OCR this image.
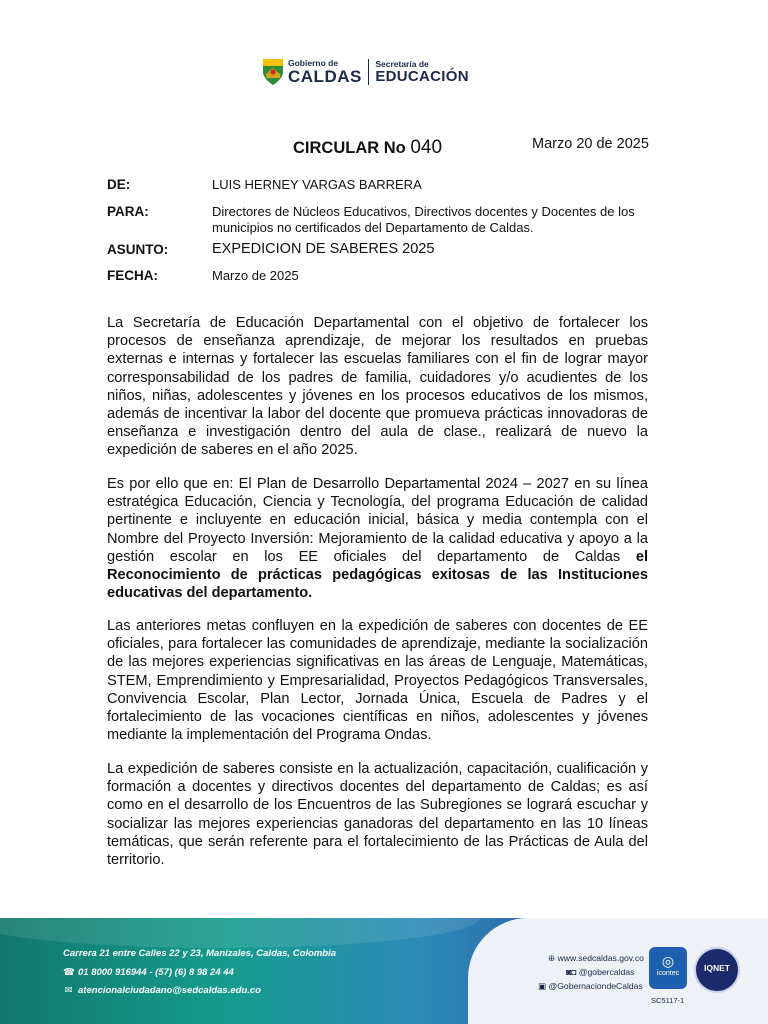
Gobierno de
CALDAS
Secretaría de
EDUCACIÓN
CIRCULAR No 040	Marzo 20 de 2025
DE:	LUIS HERNEY VARGAS BARRERA
PARA:	Directores de Núcleos Educativos, Directivos docentes y Docentes de los municipios no certificados del Departamento de Caldas.
ASUNTO:	EXPEDICION DE SABERES 2025
FECHA:	Marzo de 2025
La Secretaría de Educación Departamental con el objetivo de fortalecer los procesos de enseñanza aprendizaje, de mejorar los resultados en pruebas externas e internas y fortalecer las escuelas familiares con el fin de lograr mayor corresponsabilidad de los padres de familia, cuidadores y/o acudientes de los niños, niñas, adolescentes y jóvenes en los procesos educativos de los mismos, además de incentivar la labor del docente que promueva prácticas innovadoras de enseñanza e investigación dentro del aula de clase., realizará de nuevo la expedición de saberes en el año 2025.
Es por ello que en: El Plan de Desarrollo Departamental 2024 – 2027 en su línea estratégica Educación, Ciencia y Tecnología, del programa Educación de calidad pertinente e incluyente en educación inicial, básica y media contempla con el Nombre del Proyecto Inversión: Mejoramiento de la calidad educativa y apoyo a la gestión escolar en los EE oficiales del departamento de Caldas el Reconocimiento de prácticas pedagógicas exitosas de las Instituciones educativas del departamento.
Las anteriores metas confluyen en la expedición de saberes con docentes de EE oficiales, para fortalecer las comunidades de aprendizaje, mediante la socialización de las mejores experiencias significativas en las áreas de Lenguaje, Matemáticas, STEM, Emprendimiento y Empresarialidad, Proyectos Pedagógicos Transversales, Convivencia Escolar, Plan Lector, Jornada Única, Escuela de Padres y el fortalecimiento de las vocaciones científicas en niños, adolescentes y jóvenes mediante la implementación del Programa Ondas.
La expedición de saberes consiste en la actualización, capacitación, cualificación y formación a docentes y directivos docentes del departamento de Caldas; es así como en el desarrollo de los Encuentros de las Subregiones se logrará escuchar y socializar las mejores experiencias ganadoras del departamento en las 10 líneas temáticas, que serán referente para el fortalecimiento de las Prácticas de Aula del territorio.
Carrera 21 entre Calles 22 y 23, Manizales, Caldas, Colombia
☎ 01 8000 916944 - (57) (6) 8 98 24 44
✉ atencionalciudadano@sedcaldas.edu.co
⊕ www.sedcaldas.gov.co
◙◘ @gobercaldas
▣ @GobernaciondeCaldas
◎
icontec
IQNET
SC5117-1
